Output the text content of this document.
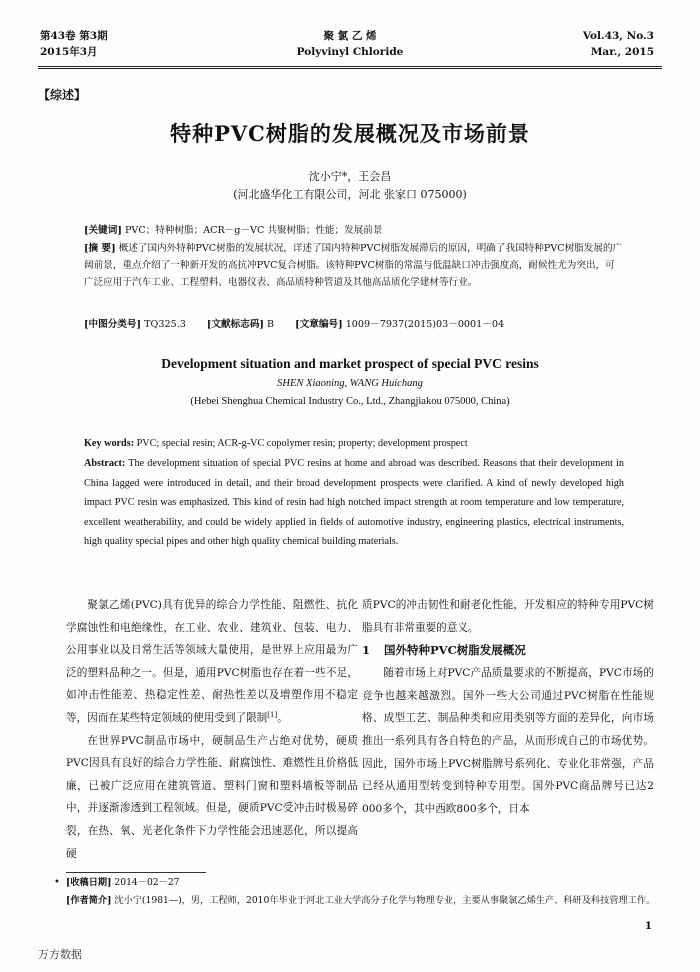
第43卷 第3期
2015年3月
聚 氯 乙 烯
Polyvinyl Chloride
Vol.43, No.3
Mar., 2015
【综述】
特种PVC树脂的发展概况及市场前景
沈小宁*，王会昌
(河北盛华化工有限公司，河北 张家口 075000)
[关键词] PVC；特种树脂；ACR－g－VC 共聚树脂；性能；发展前景
[摘 要] 概述了国内外特种PVC树脂的发展状况，详述了国内特种PVC树脂发展滞后的原因，明确了我国特种PVC树脂发展的广阔前景，重点介绍了一种新开发的高抗冲PVC复合树脂。该特种PVC树脂的常温与低温缺口冲击强度高，耐候性尤为突出，可广泛应用于汽车工业、工程塑料、电器仪表、高品质特种管道及其他高品质化学建材等行业。
[中图分类号] TQ325.3 [文献标志码] B [文章编号] 1009－7937(2015)03－0001－04
Development situation and market prospect of special PVC resins
SHEN Xiaoning, WANG Huichang
(Hebei Shenghua Chemical Industry Co., Ltd., Zhangjiakou 075000, China)
Key words: PVC; special resin; ACR-g-VC copolymer resin; property; development prospect
Abstract: The development situation of special PVC resins at home and abroad was described. Reasons that their development in China lagged were introduced in detail, and their broad development prospects were clarified. A kind of newly developed high impact PVC resin was emphasized. This kind of resin had high notched impact strength at room temperature and low temperature, excellent weatherability, and could be widely applied in fields of automotive industry, engineering plastics, electrical instruments, high quality special pipes and other high quality chemical building materials.

聚氯乙烯(PVC)具有优异的综合力学性能、阻燃性、抗化学腐蚀性和电绝缘性，在工业、农业、建筑业、包装、电力、公用事业以及日常生活等领域大量使用，是世界上应用最为广泛的塑料品种之一。但是，通用PVC树脂也存在着一些不足，如冲击性能差、热稳定性差、耐热性差以及增塑作用不稳定等，因而在某些特定领域的使用受到了限制[1]。

在世界PVC制品市场中，硬制品生产占绝对优势，硬质PVC因具有良好的综合力学性能、耐腐蚀性、难燃性且价格低廉，已被广泛应用在建筑管道、塑料门窗和塑料墙板等制品中，并逐渐渗透到工程领域。但是，硬质PVC受冲击时极易碎裂，在热、氧、光老化条件下力学性能会迅速恶化，所以提高硬

质PVC的冲击韧性和耐老化性能，开发相应的特种专用PVC树脂具有非常重要的意义。

1 国外特种PVC树脂发展概况

随着市场上对PVC产品质量要求的不断提高，PVC市场的竞争也越来越激烈。国外一些大公司通过PVC树脂在性能规格、成型工艺、制品种类和应用类别等方面的差异化，向市场推出一系列具有各自特色的产品，从而形成自己的市场优势。因此，国外市场上PVC树脂牌号系列化、专业化非常强，产品已经从通用型转变到特种专用型。国外PVC商品牌号已达2 000多个，其中西欧800多个，日本

• [收稿日期] 2014－02－27
[作者简介] 沈小宁(1981—)，男，工程师，2010年毕业于河北工业大学高分子化学与物理专业，主要从事聚氯乙烯生产、科研及科技管理工作。
1
万方数据
